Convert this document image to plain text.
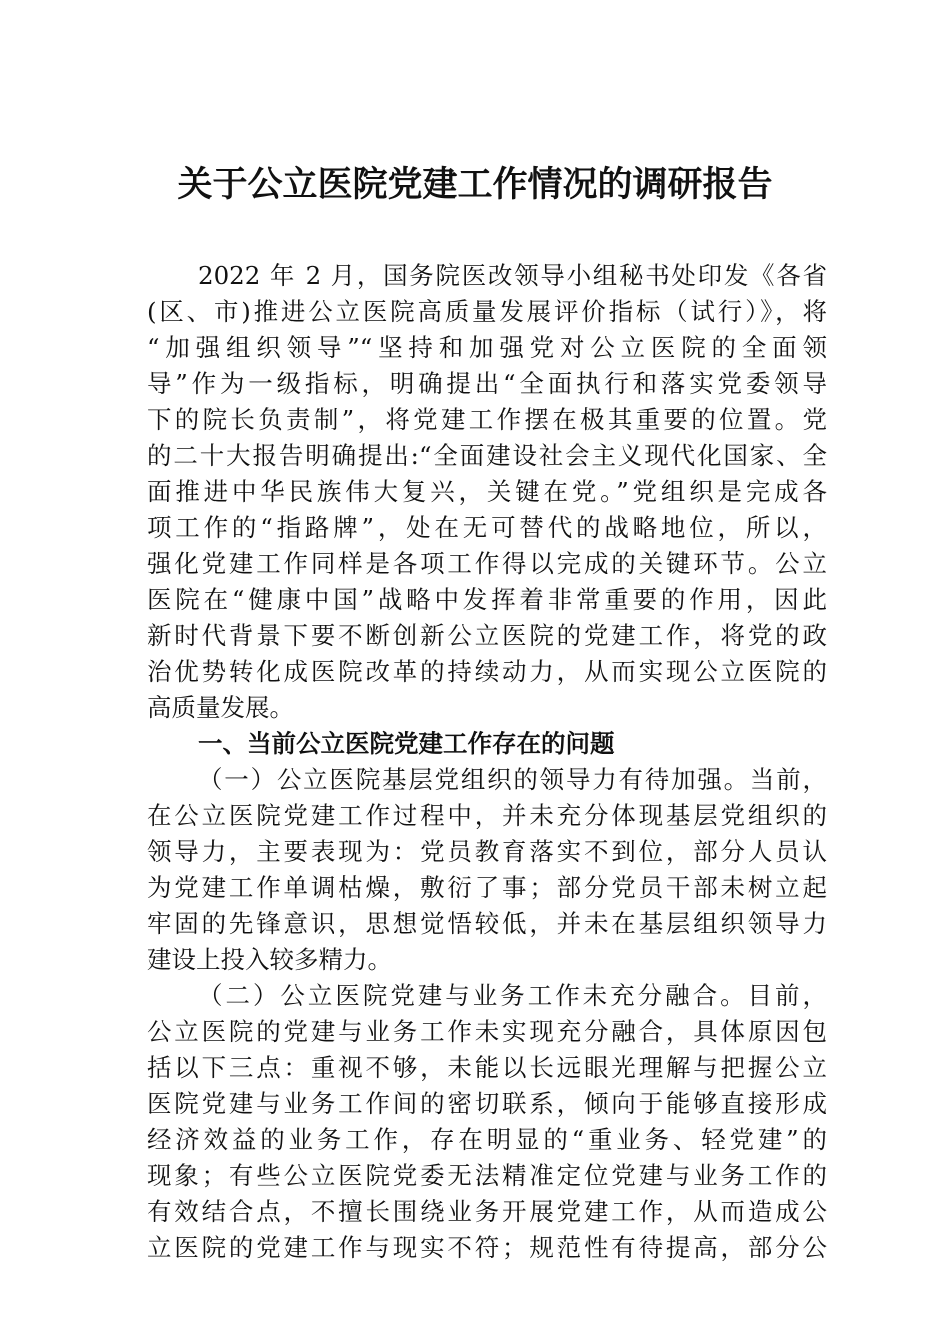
关于公立医院党建工作情况的调研报告
2022 年 2 月，国务院医改领导小组秘书处印发《各省
(区、市)推进公立医院高质量发展评价指标（试行）》，将
“加强组织领导”“坚持和加强党对公立医院的全面领
导”作为一级指标，明确提出“全面执行和落实党委领导
下的院长负责制”，将党建工作摆在极其重要的位置。党
的二十大报告明确提出:“全面建设社会主义现代化国家、全
面推进中华民族伟大复兴，关键在党。”党组织是完成各
项工作的“指路牌”，处在无可替代的战略地位，所以，
强化党建工作同样是各项工作得以完成的关键环节。公立
医院在“健康中国”战略中发挥着非常重要的作用，因此
新时代背景下要不断创新公立医院的党建工作，将党的政
治优势转化成医院改革的持续动力，从而实现公立医院的
高质量发展。
一、当前公立医院党建工作存在的问题
（一）公立医院基层党组织的领导力有待加强。当前，
在公立医院党建工作过程中，并未充分体现基层党组织的
领导力，主要表现为：党员教育落实不到位，部分人员认
为党建工作单调枯燥，敷衍了事；部分党员干部未树立起
牢固的先锋意识，思想觉悟较低，并未在基层组织领导力
建设上投入较多精力。
（二）公立医院党建与业务工作未充分融合。目前，
公立医院的党建与业务工作未实现充分融合，具体原因包
括以下三点：重视不够，未能以长远眼光理解与把握公立
医院党建与业务工作间的密切联系，倾向于能够直接形成
经济效益的业务工作，存在明显的“重业务、轻党建”的
现象；有些公立医院党委无法精准定位党建与业务工作的
有效结合点，不擅长围绕业务开展党建工作，从而造成公
立医院的党建工作与现实不符；规范性有待提高，部分公
